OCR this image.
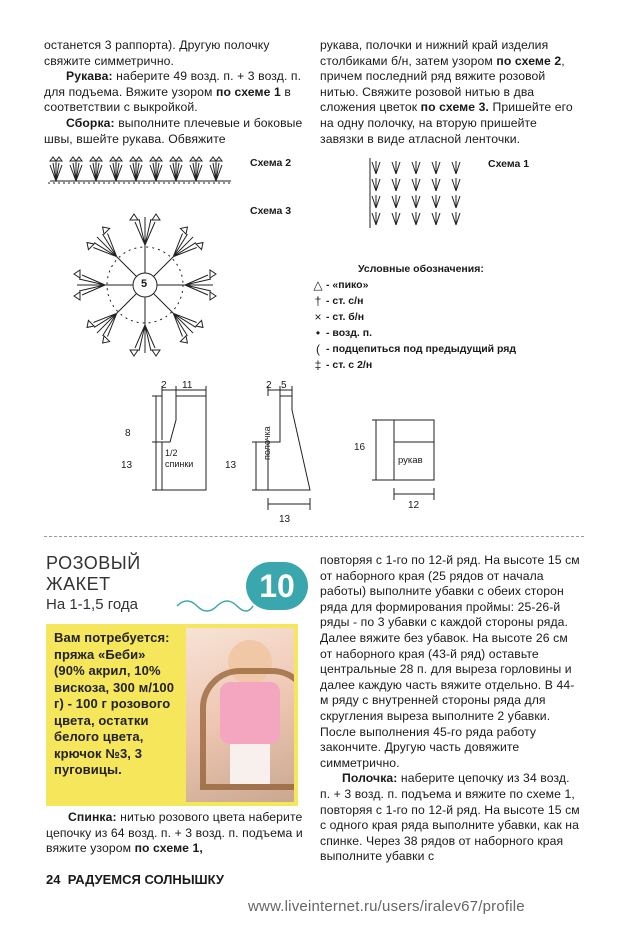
останется 3 раппорта). Другую полочку свяжите симметрично.

Рукава: наберите 49 возд. п. + 3 возд. п. для подъема. Вяжите узором по схеме 1 в соответствии с выкройкой.

Сборка: выполните плечевые и боковые швы, вшейте рукава. Обвяжите

рукава, полочки и нижний край изделия столбиками б/н, затем узором по схеме 2, причем последний ряд вяжите розовой нитью. Свяжите розовой нитью в два сложения цветок по схеме 3. Пришейте его на одну полочку, на вторую пришейте завязки в виде атласной ленточки.

Схема 2
5
Схема 3
Схема 1
Условные обозначения:
△ - «пико»
† - ст. с/н
× - ст. б/н
• - возд. п.
( - подцепиться под предыдущий ряд
‡ - ст. с 2/н
2 11
8
13
1/2 спинки
2 5
13
13
полочка	16
12
рукав
РОЗОВЫЙ
ЖАКЕТ
На 1-1,5 года
10
Вам потребуется:
пряжа «Беби» (90% акрил, 10% вискоза, 300 м/100 г) - 100 г розового цвета, остатки белого цвета, крючок №3, 3 пуговицы.

Спинка: нитью розового цвета наберите цепочку из 64 возд. п. + 3 возд. п. подъема и вяжите узором по схеме 1,

повторяя с 1-го по 12-й ряд. На высоте 15 см от наборного края (25 рядов от начала работы) выполните убавки с обеих сторон ряда для формирования проймы: 25-26-й ряды - по 3 убавки с каждой стороны ряда. Далее вяжите без убавок. На высоте 26 см от наборного края (43-й ряд) оставьте центральные 28 п. для выреза горловины и далее каждую часть вяжите отдельно. В 44-м ряду с внутренней стороны ряда для скругления выреза выполните 2 убавки. После выполнения 45-го ряда работу закончите. Другую часть довяжите симметрично.

Полочка: наберите цепочку из 34 возд. п. + 3 возд. п. подъема и вяжите по схеме 1, повторяя с 1-го по 12-й ряд. На высоте 15 см с одного края ряда выполните убавки, как на спинке. Через 38 рядов от наборного края выполните убавки с

24 РАДУЕМСЯ СОЛНЫШКУ
www.liveinternet.ru/users/iralev67/profile
